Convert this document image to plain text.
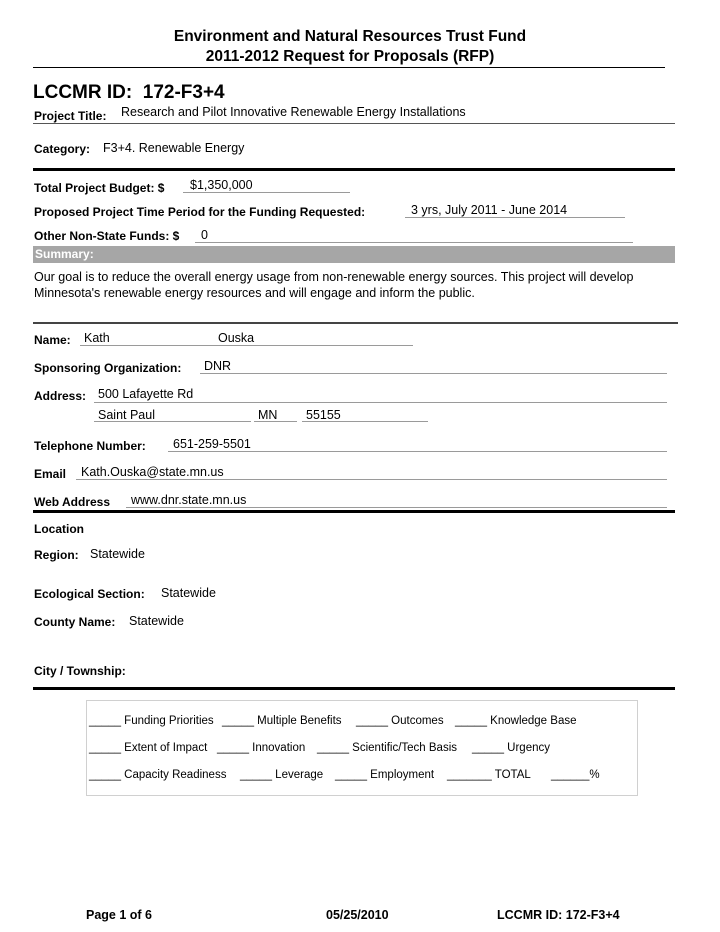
Environment and Natural Resources Trust Fund
2011-2012 Request for Proposals (RFP)
LCCMR ID: 172-F3+4
Project Title: Research and Pilot Innovative Renewable Energy Installations
Category: F3+4. Renewable Energy
Total Project Budget: $ $1,350,000
Proposed Project Time Period for the Funding Requested:	3 yrs, July 2011 - June 2014
Other Non-State Funds: $ 0
Summary:
Our goal is to reduce the overall energy usage from non-renewable energy sources. This project will develop Minnesota's renewable energy resources and will engage and inform the public.
Name: Kath	Ouska
Sponsoring Organization: DNR
Address: 500 Lafayette Rd
Saint Paul	MN 55155
Telephone Number: 651-259-5501
Email Kath.Ouska@state.mn.us
Web Address www.dnr.state.mn.us
Location
Region: Statewide
Ecological Section: Statewide
County Name: Statewide
City / Township:
_____ Funding Priorities _____ Multiple Benefits _____ Outcomes _____ Knowledge Base
_____ Extent of Impact _____ Innovation _____ Scientific/Tech Basis _____ Urgency
_____ Capacity Readiness _____ Leverage _____ Employment _______ TOTAL ______%
Page 1 of 6	05/25/2010	LCCMR ID: 172-F3+4
